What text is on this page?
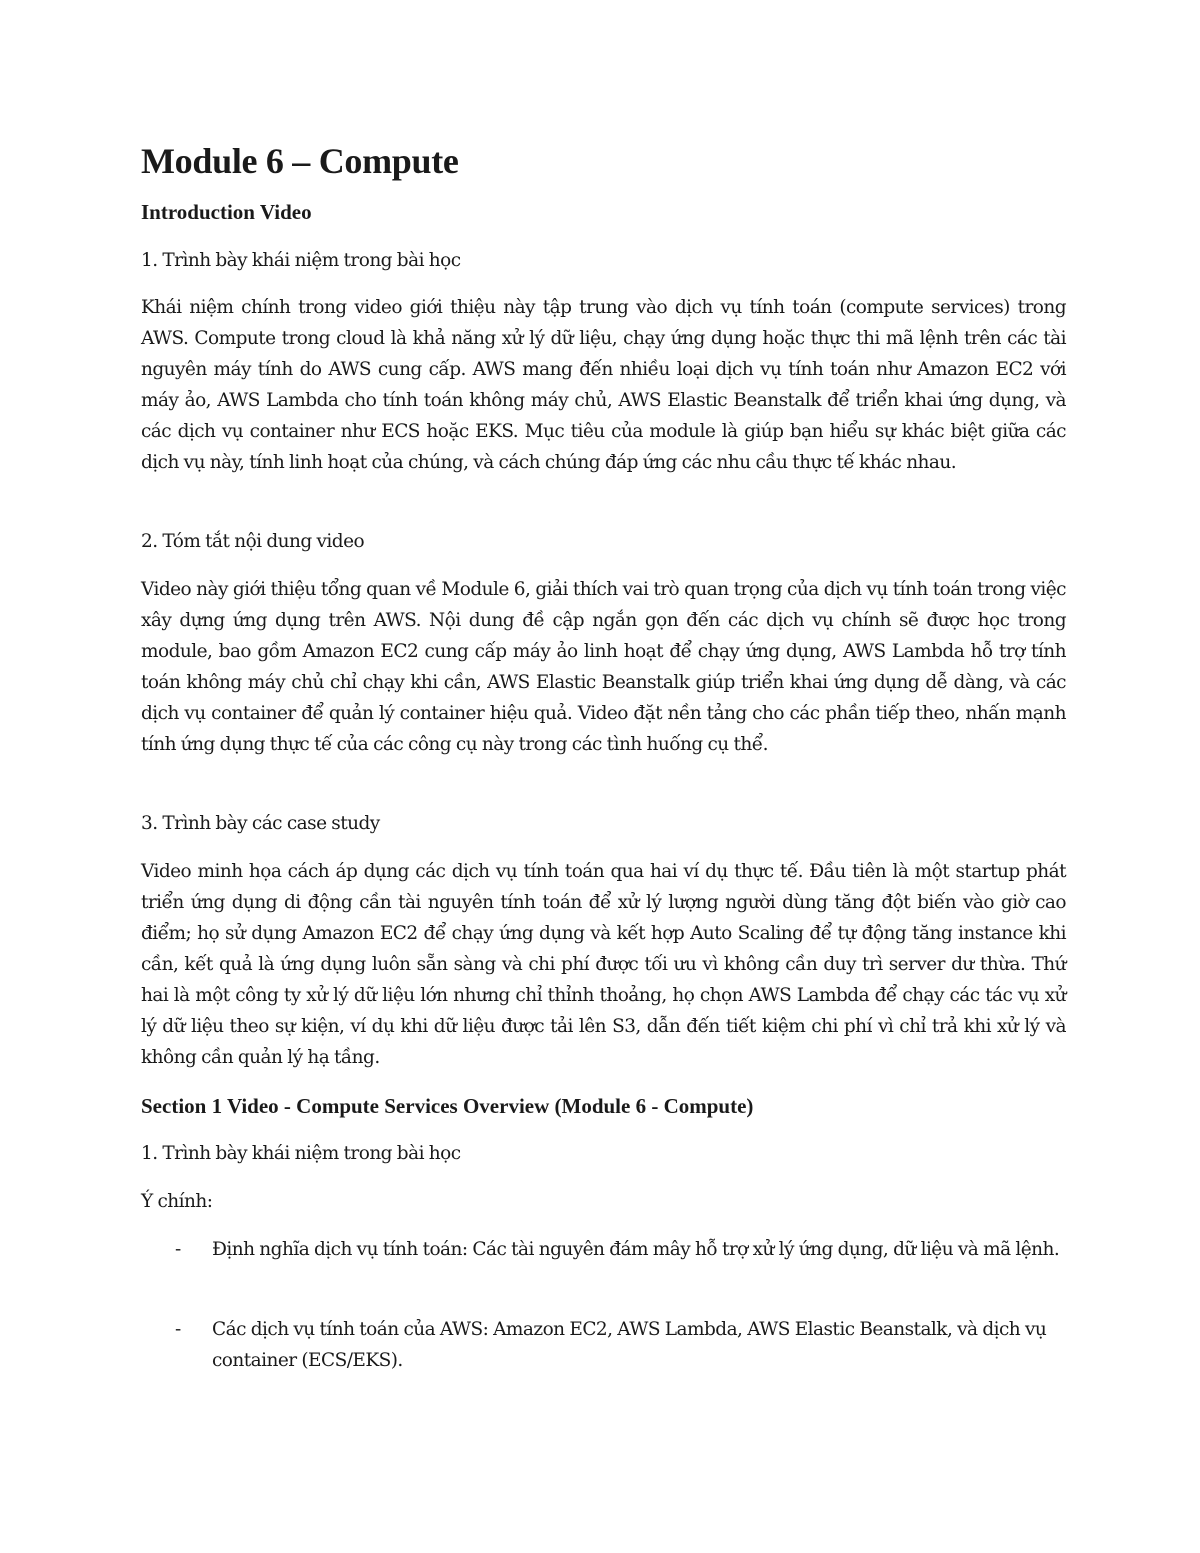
Module 6 – Compute
Introduction Video

1. Trình bày khái niệm trong bài học

Khái niệm chính trong video giới thiệu này tập trung vào dịch vụ tính toán (compute services) trong AWS. Compute trong cloud là khả năng xử lý dữ liệu, chạy ứng dụng hoặc thực thi mã lệnh trên các tài nguyên máy tính do AWS cung cấp. AWS mang đến nhiều loại dịch vụ tính toán như Amazon EC2 với máy ảo, AWS Lambda cho tính toán không máy chủ, AWS Elastic Beanstalk để triển khai ứng dụng, và các dịch vụ container như ECS hoặc EKS. Mục tiêu của module là giúp bạn hiểu sự khác biệt giữa các dịch vụ này, tính linh hoạt của chúng, và cách chúng đáp ứng các nhu cầu thực tế khác nhau.

2. Tóm tắt nội dung video

Video này giới thiệu tổng quan về Module 6, giải thích vai trò quan trọng của dịch vụ tính toán trong việc xây dựng ứng dụng trên AWS. Nội dung đề cập ngắn gọn đến các dịch vụ chính sẽ được học trong module, bao gồm Amazon EC2 cung cấp máy ảo linh hoạt để chạy ứng dụng, AWS Lambda hỗ trợ tính toán không máy chủ chỉ chạy khi cần, AWS Elastic Beanstalk giúp triển khai ứng dụng dễ dàng, và các dịch vụ container để quản lý container hiệu quả. Video đặt nền tảng cho các phần tiếp theo, nhấn mạnh tính ứng dụng thực tế của các công cụ này trong các tình huống cụ thể.

3. Trình bày các case study

Video minh họa cách áp dụng các dịch vụ tính toán qua hai ví dụ thực tế. Đầu tiên là một startup phát triển ứng dụng di động cần tài nguyên tính toán để xử lý lượng người dùng tăng đột biến vào giờ cao điểm; họ sử dụng Amazon EC2 để chạy ứng dụng và kết hợp Auto Scaling để tự động tăng instance khi cần, kết quả là ứng dụng luôn sẵn sàng và chi phí được tối ưu vì không cần duy trì server dư thừa. Thứ hai là một công ty xử lý dữ liệu lớn nhưng chỉ thỉnh thoảng, họ chọn AWS Lambda để chạy các tác vụ xử lý dữ liệu theo sự kiện, ví dụ khi dữ liệu được tải lên S3, dẫn đến tiết kiệm chi phí vì chỉ trả khi xử lý và không cần quản lý hạ tầng.

Section 1 Video - Compute Services Overview (Module 6 - Compute)

1. Trình bày khái niệm trong bài học

Ý chính:

- Định nghĩa dịch vụ tính toán: Các tài nguyên đám mây hỗ trợ xử lý ứng dụng, dữ liệu và mã lệnh.
- Các dịch vụ tính toán của AWS: Amazon EC2, AWS Lambda, AWS Elastic Beanstalk, và dịch vụ container (ECS/EKS).
